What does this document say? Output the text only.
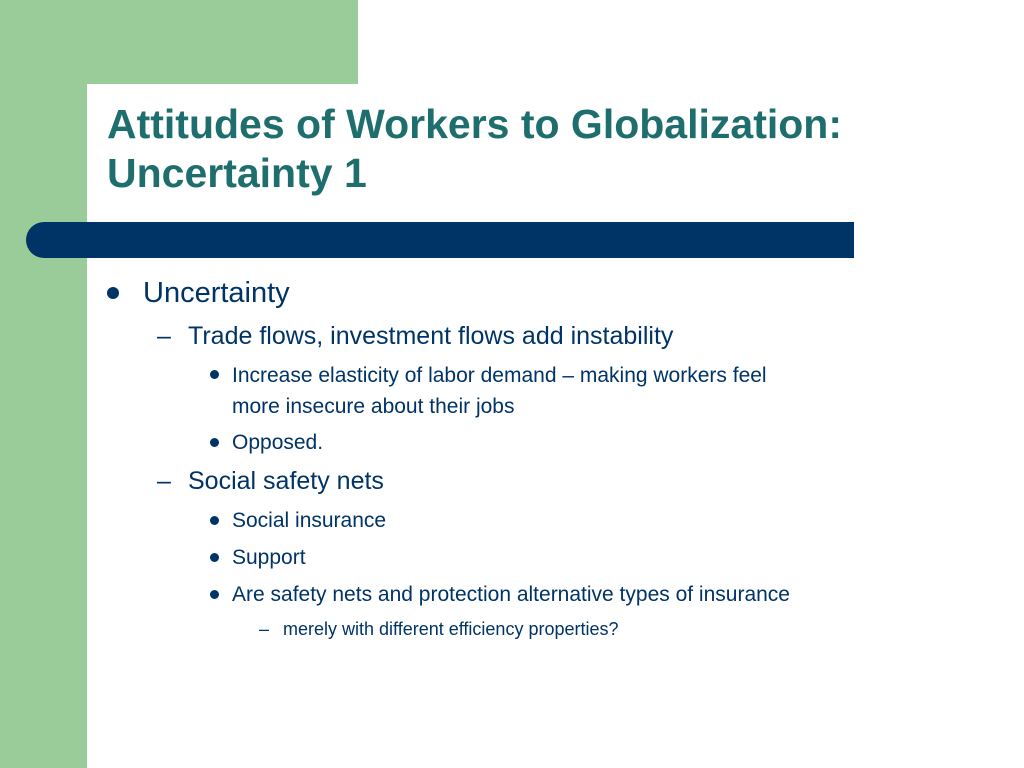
Attitudes of Workers to Globalization:
Uncertainty 1
Uncertainty
– Trade flows, investment flows add instability
Increase elasticity of labor demand – making workers feel
more insecure about their jobs
Opposed.
– Social safety nets
Social insurance
Support
Are safety nets and protection alternative types of insurance
– merely with different efficiency properties?
